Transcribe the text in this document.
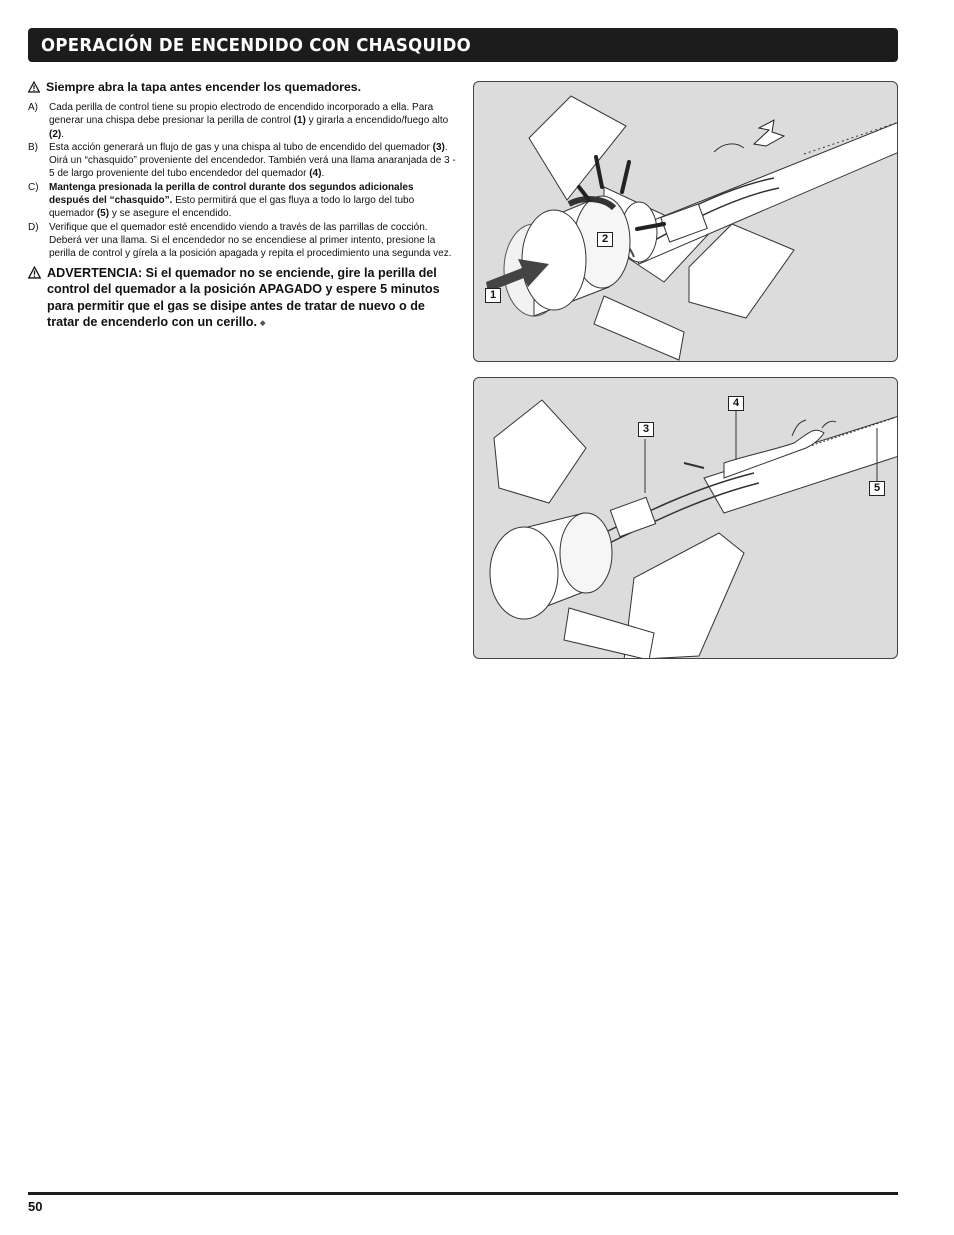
OPERACIÓN DE ENCENDIDO CON CHASQUIDO
Siempre abra la tapa antes encender los quemadores.
A)	Cada perilla de control tiene su propio electrodo de encendido incorporado a ella. Para generar una chispa debe presionar la perilla de control (1) y girarla a encendido/fuego alto (2).
B)	Esta acción generará un flujo de gas y una chispa al tubo de encendido del quemador (3). Oirá un “chasquido” proveniente del encendedor. También verá una llama anaranjada de 3 - 5 de largo proveniente del tubo encendedor del quemador (4).
C)	Mantenga presionada la perilla de control durante dos segundos adicionales después del “chasquido”. Esto permitirá que el gas fluya a todo lo largo del tubo quemador (5) y se asegure el encendido.
D)	Verifique que el quemador esté encendido viendo a través de las parrillas de cocción. Deberá ver una llama. Si el encendedor no se encendiese al primer intento, presione la perilla de control y gírela a la posición apagada y repita el procedimiento una segunda vez.
ADVERTENCIA: Si el quemador no se enciende, gire la perilla del control del quemador a la posición APAGADO y espere 5 minutos para permitir que el gas se disipe antes de tratar de nuevo o de tratar de encenderlo con un cerillo. ◆
2
1
3
4
5
50
